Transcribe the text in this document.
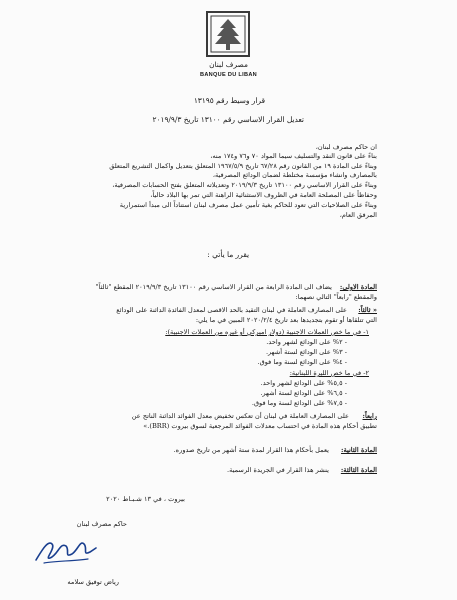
مصرف لبنان
BANQUE DU LIBAN
قرار وسيط رقم ١٣١٩٥
تعديل القرار الاساسي رقم ١٣١٠٠ تاريخ ٢٠١٩/٩/٣
ان حاكم مصرف لبنان،
بناءً على قانون النقد والتسليف سيما المواد ٧٠ و٧٦ و١٧٤ منه،
وبناءً على المادة ١٩ من القانون رقم ٦٧/٢٨ تاريخ ١٩٦٧/٥/٩ المتعلق بتعديل واكمال التشريع المتعلق
بالمصارف وانشاء مؤسسة مختلطة لضمان الودائع المصرفية،
وبناءً على القرار الاساسي رقم ١٣١٠٠ تاريخ ٢٠١٩/٩/٣ وتعديلاته المتعلق بفتح الحسابات المصرفية،
وحفاظاً على المصلحة العامة في الظروف الاستثنائية الراهنة التي تمر بها البلاد حالياً،
وبناءً على الصلاحيات التي تعود للحاكم بغية تأمين عمل مصرف لبنان استناداً الى مبدأ استمرارية
المرفق العام،
يقرر ما يأتي :
المادة الاولى:
يضاف الى المادة الرابعة من القرار الاساسي رقم ١٣١٠٠ تاريخ ٢٠١٩/٩/٣ المقطع "ثالثاً"
والمقطع "رابعاً" التالي نصهما:
« ثالثاً:
على المصارف العاملة في لبنان التقيد بالحد الاقصى لمعدل الفائدة الدائنة على الودائع
التي تتلقاها أو تقوم بتجديدها بعد تاريخ ٢٠٢٠/٢/٤ المبين في ما يلي:
١- في ما خص العملات الاجنبية (دولار اميركي أو غيره من العملات الاجنبية):
- ٢% على الودائع لشهر واحد.
- ٣% على الودائع لستة أشهر.
- ٤% على الودائع لسنة وما فوق.
٢- في ما خص الليرة اللبنانية:
- ٥,٥% على الودائع لشهر واحد.
- ٦,٥% على الودائع لستة أشهر.
- ٧,٥% على الودائع لسنة وما فوق.
رابعاً:
على المصارف العاملة في لبنان أن تعكس تخفيض معدل الفوائد الدائنة الناتج عن
تطبيق أحكام هذه المادة في احتساب معدلات الفوائد المرجعية لسوق بيروت (BRR).»
المادة الثانية:
يعمل بأحكام هذا القرار لمدة ستة أشهر من تاريخ صدوره.
المادة الثالثة:
ينشر هذا القرار في الجريدة الرسمية.
بيروت ، في ١٣ شـبـاط ٢٠٢٠
حاكم مصرف لبنان
رياض توفيق سلامه
